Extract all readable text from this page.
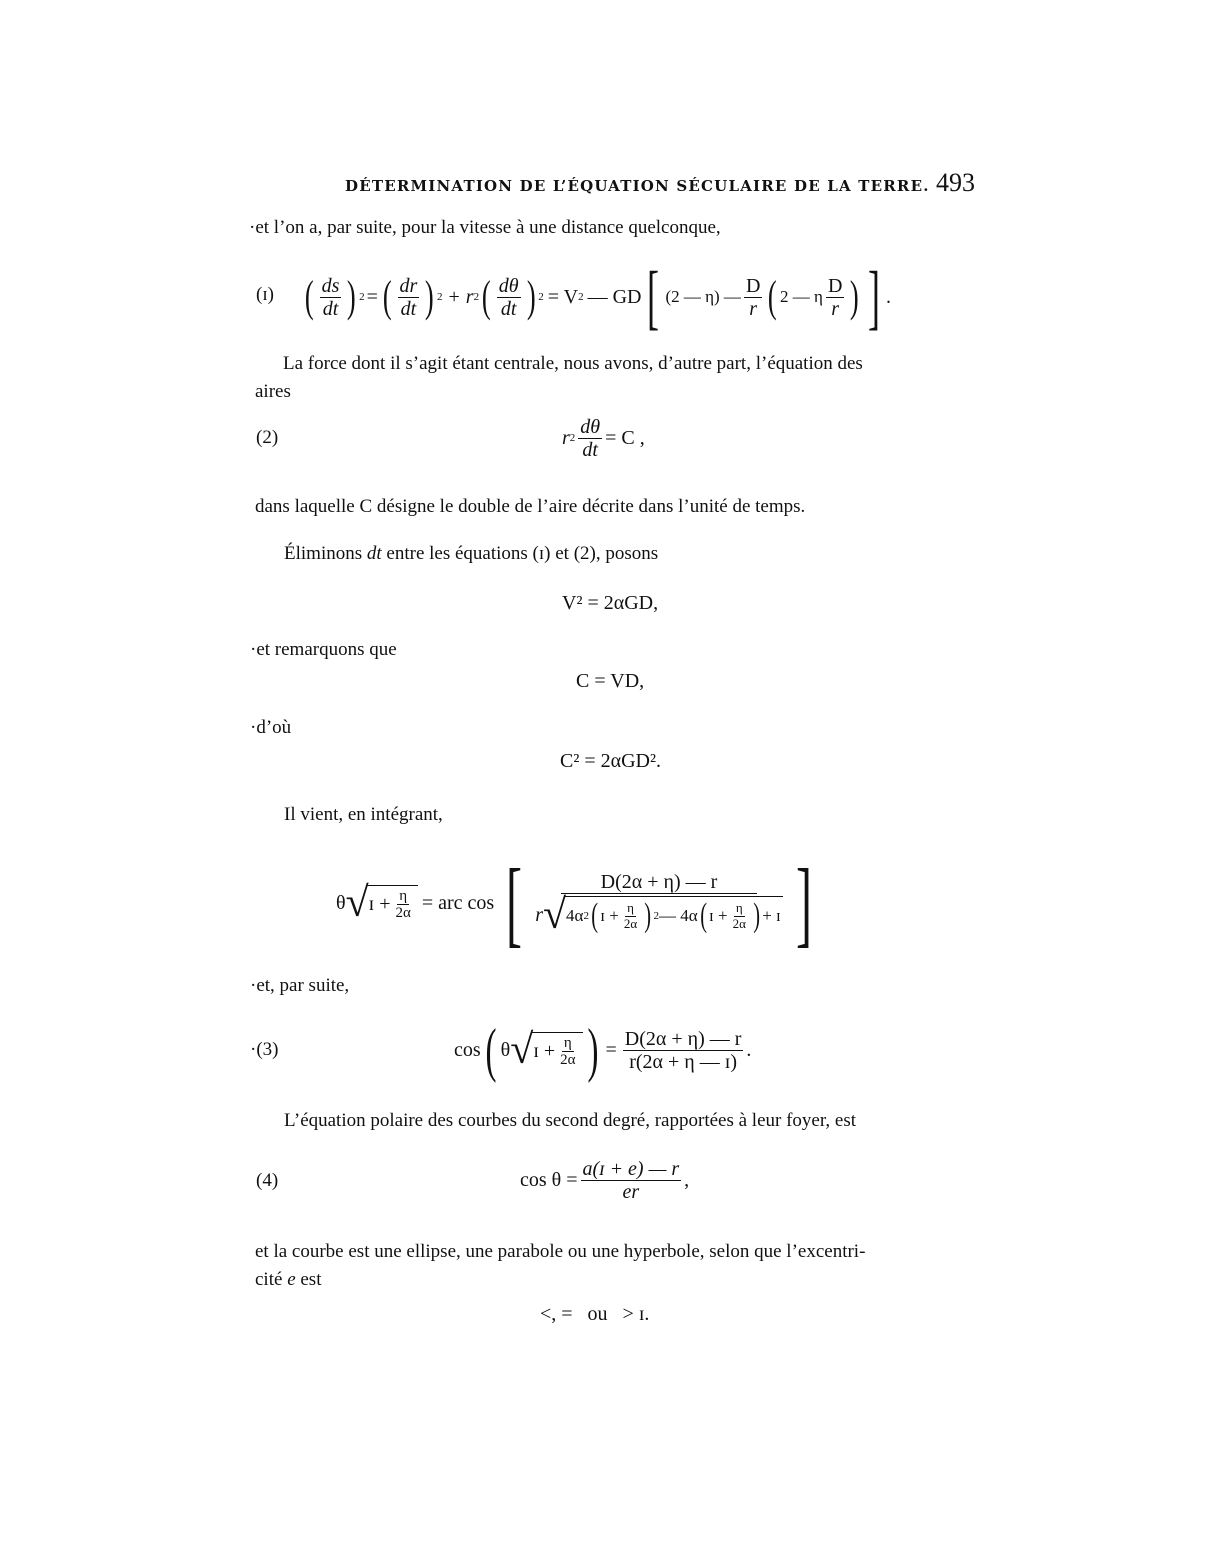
DÉTERMINATION DE L’ÉQUATION SÉCULAIRE DE LA TERRE. 493
·et l’on a, par suite, pour la vitesse à une distance quelconque,
(ɪ) ( $\frac{ds}{dt}$ ) 2 = ( $\frac{dr}{dt}$ ) 2 + r 2 ( $\frac{d\theta}{dt}$ ) 2 = V 2 — GD [ (2 — η) — $\frac{D}{r}$ ( 2 — η $\frac{D}{r}$ ) ] .
La force dont il s’agit étant centrale, nous avons, d’autre part, l’équation des
aires
(2)	r $2 \frac{d\theta}{dt} = C$ ,
dans laquelle C désigne le double de l’aire décrite dans l’unité de temps.
Éliminons dt entre les équations (ɪ) et (2), posons
V² = 2αGD,
·et remarquons que
C = VD,
·d’où
C² = 2αGD².
Il vient, en intégrant,
θ √ ɪ + $\frac{\eta}{2\alpha}$ = arc cos [	D(2α + η) — r
r √ 4α 2 ( ɪ + $\frac{\eta}{2\alpha}$ ) 2 — 4α ( ɪ + $\frac{\eta}{2\alpha}$ ) + ɪ ]
·et, par suite,
·(3)	cos ( θ √ ɪ + $\frac{\eta}{2\alpha}$ ) = $\frac{D(2\alpha + \eta) — r}{\text{r(2α + η — ɪ)}}$ .
L’équation polaire des courbes du second degré, rapportées à leur foyer, est
(4)	$\cos \theta = \frac{\text{a(ɪ + e) — r}}{er}$ ,
et la courbe est une ellipse, une parabole ou une hyperbole, selon que l’excentri-
cité e est
<, =   ou   > ɪ.
